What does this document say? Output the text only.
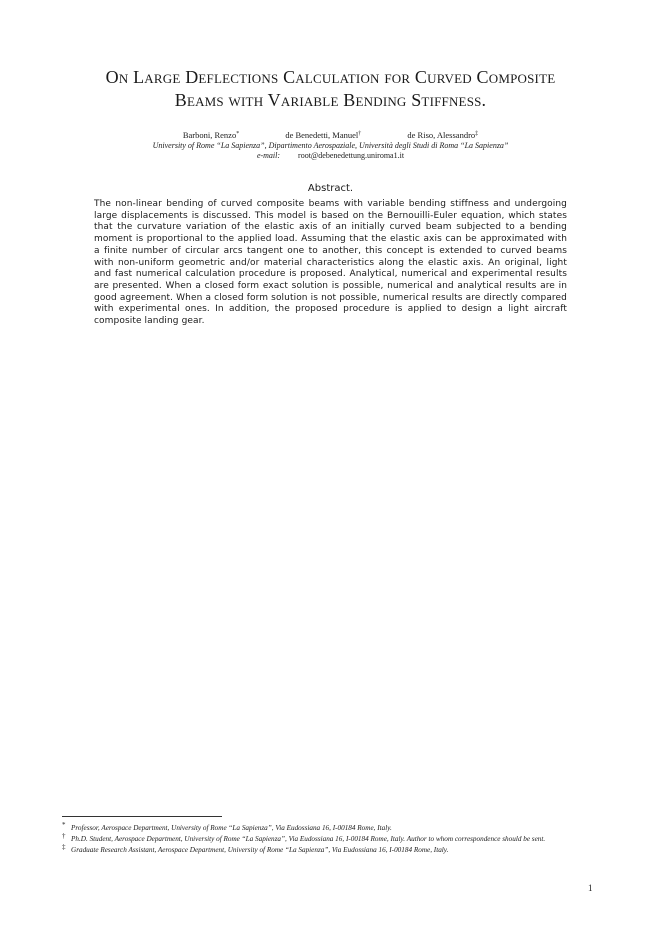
On Large Deflections Calculation for Curved Composite
Beams with Variable Bending Stiffness.
Barboni, Renzo*	de Benedetti, Manuel†	de Riso, Alessandro‡
University of Rome “La Sapienza”, Dipartimento Aerospaziale, Università degli Studi di Roma “La Sapienza”
e-mail: root@debenedettung.uniroma1.it
Abstract.
The non-linear bending of curved composite beams with variable bending stiffness and undergoing large displacements is discussed. This model is based on the Bernouilli-Euler equation, which states that the curvature variation of the elastic axis of an initially curved beam subjected to a bending moment is proportional to the applied load. Assuming that the elastic axis can be approximated with a finite number of circular arcs tangent one to another, this concept is extended to curved beams with non-uniform geometric and/or material characteristics along the elastic axis. An original, light and fast numerical calculation procedure is proposed. Analytical, numerical and experimental results are presented. When a closed form exact solution is possible, numerical and analytical results are in good agreement. When a closed form solution is not possible, numerical results are directly compared with experimental ones. In addition, the proposed procedure is applied to design a light aircraft composite landing gear.
* Professor, Aerospace Department, University of Rome “La Sapienza”, Via Eudossiana 16, I-00184 Rome, Italy.
† Ph.D. Student, Aerospace Department, University of Rome “La Sapienza”, Via Eudossiana 16, I-00184 Rome, Italy. Author to whom correspondence should be sent.
‡ Graduate Research Assistant, Aerospace Department, University of Rome “La Sapienza”, Via Eudossiana 16, I-00184 Rome, Italy.
1
